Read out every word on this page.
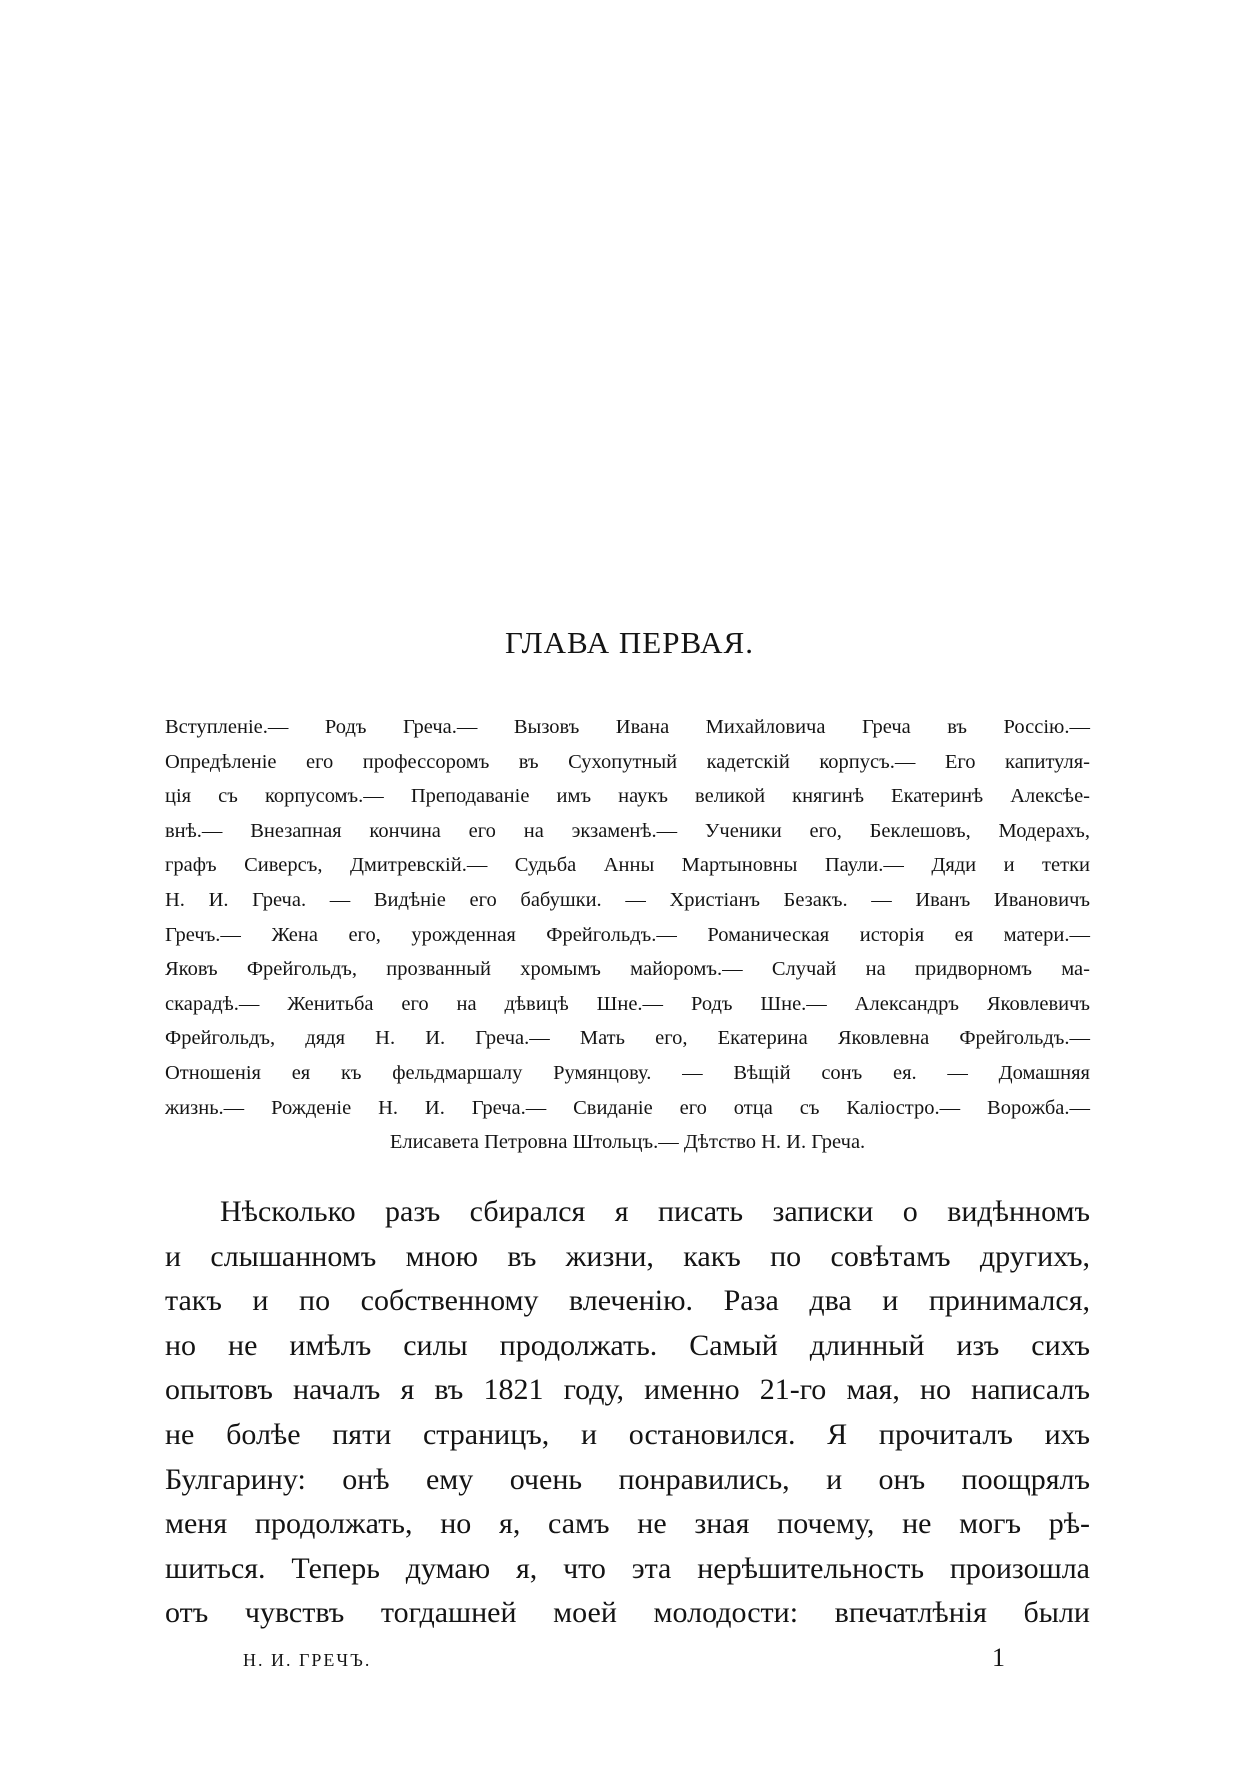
ГЛАВА ПЕРВАЯ.
Вступленіе.— Родъ Греча.— Вызовъ Ивана Михайловича Греча въ Россію.—
Опредѣленіе его профессоромъ въ Сухопутный кадетскій корпусъ.— Его капитуля-
ція съ корпусомъ.— Преподаваніе имъ наукъ великой княгинѣ Екатеринѣ Алексѣе-
внѣ.— Внезапная кончина его на экзаменѣ.— Ученики его, Беклешовъ, Модерахъ,
графъ Сиверсъ, Дмитревскій.— Судьба Анны Мартыновны Паули.— Дяди и тетки
Н. И. Греча. — Видѣніе его бабушки. — Христіанъ Безакъ. — Иванъ Ивановичъ
Гречъ.— Жена его, урожденная Фрейгольдъ.— Романическая исторія ея матери.—
Яковъ Фрейгольдъ, прозванный хромымъ майоромъ.— Случай на придворномъ ма-
скарадѣ.— Женитьба его на дѣвицѣ Шне.— Родъ Шне.— Александръ Яковлевичъ
Фрейгольдъ, дядя Н. И. Греча.— Мать его, Екатерина Яковлевна Фрейгольдъ.—
Отношенія ея къ фельдмаршалу Румянцову. — Вѣщій сонъ ея. — Домашняя
жизнь.— Рожденіе Н. И. Греча.— Свиданіе его отца съ Каліостро.— Ворожба.—
Елисавета Петровна Штольцъ.— Дѣтство Н. И. Греча.
Нѣсколько разъ сбирался я писать записки о видѣнномъ
и слышанномъ мною въ жизни, какъ по совѣтамъ другихъ,
такъ и по собственному влеченію. Раза два и принимался,
но не имѣлъ силы продолжать. Самый длинный изъ сихъ
опытовъ началъ я въ 1821 году, именно 21-го мая, но написалъ
не болѣе пяти страницъ, и остановился. Я прочиталъ ихъ
Булгарину: онѣ ему очень понравились, и онъ поощрялъ
меня продолжать, но я, самъ не зная почему, не могъ рѣ-
шиться. Теперь думаю я, что эта нерѣшительность произошла
отъ чувствъ тогдашней моей молодости: впечатлѣнія были
Н. И. ГРЕЧЪ.	1
